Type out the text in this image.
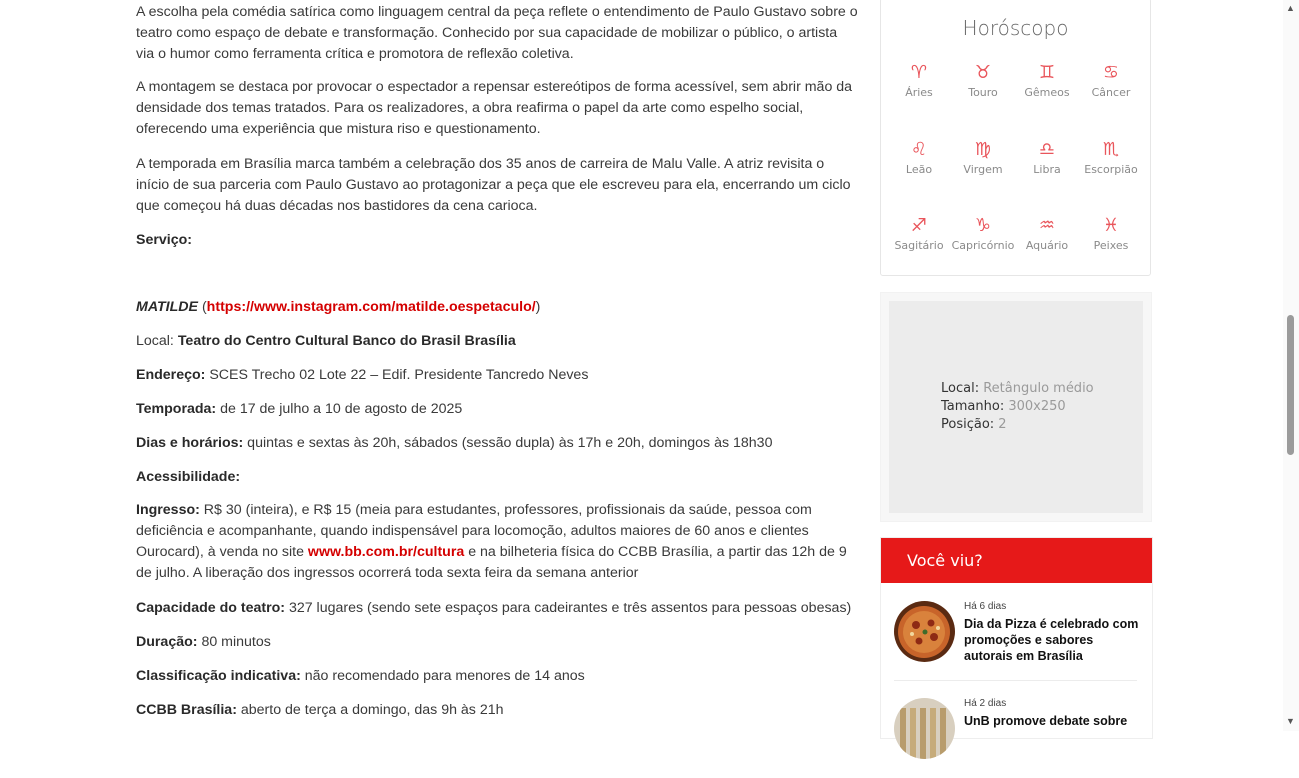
A escolha pela comédia satírica como linguagem central da peça reflete o entendimento de Paulo Gustavo sobre o teatro como espaço de debate e transformação. Conhecido por sua capacidade de mobilizar o público, o artista via o humor como ferramenta crítica e promotora de reflexão coletiva.

A montagem se destaca por provocar o espectador a repensar estereótipos de forma acessível, sem abrir mão da densidade dos temas tratados. Para os realizadores, a obra reafirma o papel da arte como espelho social, oferecendo uma experiência que mistura riso e questionamento.

A temporada em Brasília marca também a celebração dos 35 anos de carreira de Malu Valle. A atriz revisita o início de sua parceria com Paulo Gustavo ao protagonizar a peça que ele escreveu para ela, encerrando um ciclo que começou há duas décadas nos bastidores da cena carioca.

Serviço:

MATILDE (https://www.instagram.com/matilde.oespetaculo/)

Local: Teatro do Centro Cultural Banco do Brasil Brasília

Endereço: SCES Trecho 02 Lote 22 – Edif. Presidente Tancredo Neves

Temporada: de 17 de julho a 10 de agosto de 2025

Dias e horários: quintas e sextas às 20h, sábados (sessão dupla) às 17h e 20h, domingos às 18h30

Acessibilidade:

Ingresso: R$ 30 (inteira), e R$ 15 (meia para estudantes, professores, profissionais da saúde, pessoa com deficiência e acompanhante, quando indispensável para locomoção, adultos maiores de 60 anos e clientes Ourocard), à venda no site www.bb.com.br/cultura e na bilheteria física do CCBB Brasília, a partir das 12h de 9 de julho. A liberação dos ingressos ocorrerá toda sexta feira da semana anterior

Capacidade do teatro: 327 lugares (sendo sete espaços para cadeirantes e três assentos para pessoas obesas)

Duração: 80 minutos

Classificação indicativa: não recomendado para menores de 14 anos

CCBB Brasília: aberto de terça a domingo, das 9h às 21h

Horóscopo
♈
Áries
♉
Touro
♊
Gêmeos
♋
Câncer
♌
Leão
♍
Virgem
♎
Libra
♏
Escorpião
♐
Sagitário
♑
Capricórnio
♒
Aquário
♓
Peixes
Local: Retângulo médio
Tamanho: 300x250
Posição: 2
Você viu?
Há 6 dias
Dia da Pizza é celebrado com promoções e sabores autorais em Brasília
Há 2 dias
UnB promove debate sobre
▲
▼
